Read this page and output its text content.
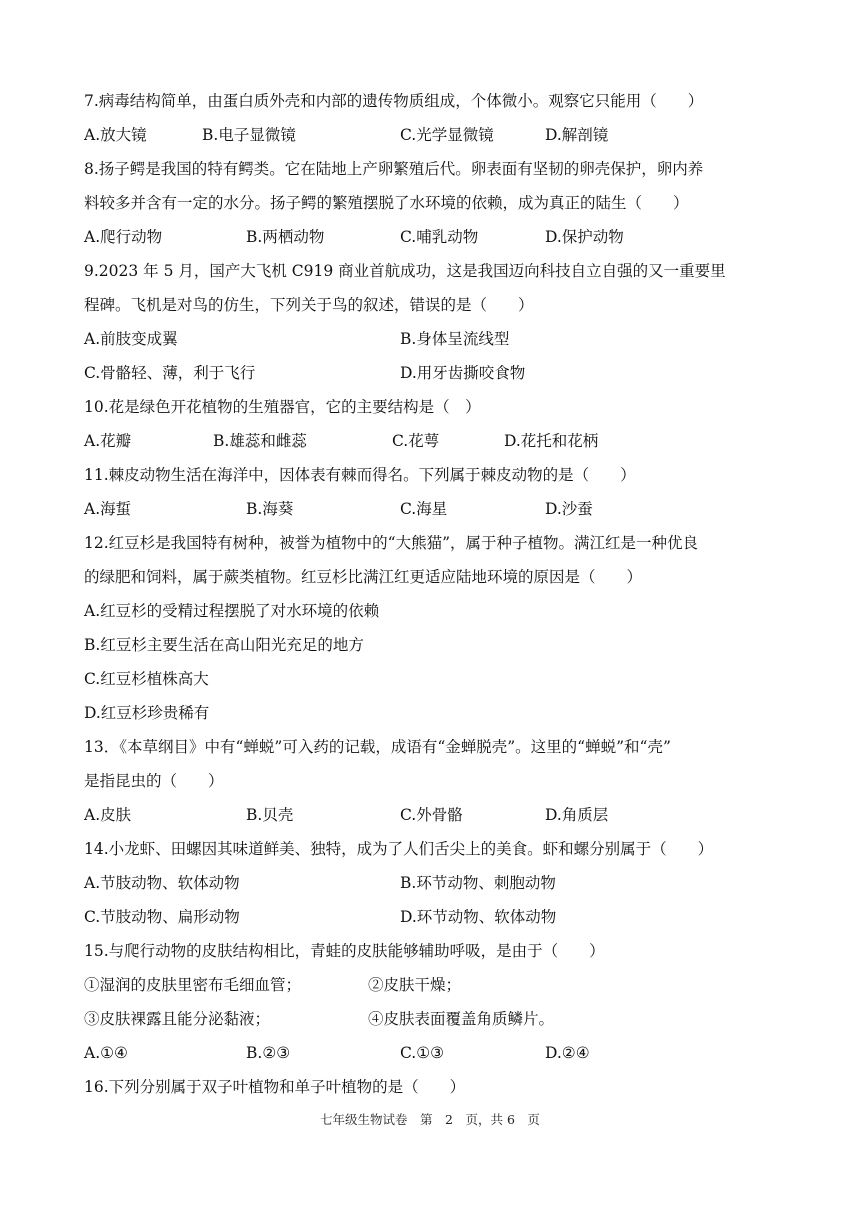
7.病毒结构简单，由蛋白质外壳和内部的遗传物质组成，个体微小。观察它只能用（　　）
A.放大镜	B.电子显微镜	C.光学显微镜	D.解剖镜
8.扬子鳄是我国的特有鳄类。它在陆地上产卵繁殖后代。卵表面有坚韧的卵壳保护，卵内养
料较多并含有一定的水分。扬子鳄的繁殖摆脱了水环境的依赖，成为真正的陆生（　　）
A.爬行动物	B.两栖动物	C.哺乳动物	D.保护动物
9.2023 年 5 月，国产大飞机 C919 商业首航成功，这是我国迈向科技自立自强的又一重要里
程碑。飞机是对鸟的仿生，下列关于鸟的叙述，错误的是（　　）
A.前肢变成翼	B.身体呈流线型
C.骨骼轻、薄，利于飞行	D.用牙齿撕咬食物
10.花是绿色开花植物的生殖器官，它的主要结构是（　）
A.花瓣	B.雄蕊和雌蕊	C.花萼	D.花托和花柄
11.棘皮动物生活在海洋中，因体表有棘而得名。下列属于棘皮动物的是（　　）
A.海蜇	B.海葵	C.海星	D.沙蚕
12.红豆杉是我国特有树种，被誉为植物中的“大熊猫”，属于种子植物。满江红是一种优良
的绿肥和饲料，属于蕨类植物。红豆杉比满江红更适应陆地环境的原因是（　　）
A.红豆杉的受精过程摆脱了对水环境的依赖
B.红豆杉主要生活在高山阳光充足的地方
C.红豆杉植株高大
D.红豆杉珍贵稀有
13．《本草纲目》中有“蝉蜕”可入药的记载，成语有“金蝉脱壳”。这里的“蝉蜕”和“壳”
是指昆虫的（　　）
A.皮肤	B.贝壳	C.外骨骼	D.角质层
14.小龙虾、田螺因其味道鲜美、独特，成为了人们舌尖上的美食。虾和螺分别属于（　　）
A.节肢动物、软体动物	B.环节动物、刺胞动物
C.节肢动物、扁形动物	D.环节动物、软体动物
15.与爬行动物的皮肤结构相比，青蛙的皮肤能够辅助呼吸，是由于（　　）
①湿润的皮肤里密布毛细血管；	②皮肤干燥；
③皮肤裸露且能分泌黏液；	④皮肤表面覆盖角质鳞片。
A.①④	B.②③	C.①③	D.②④
16.下列分别属于双子叶植物和单子叶植物的是（　　）
七年级生物试卷　第　2　页，共 6　页
